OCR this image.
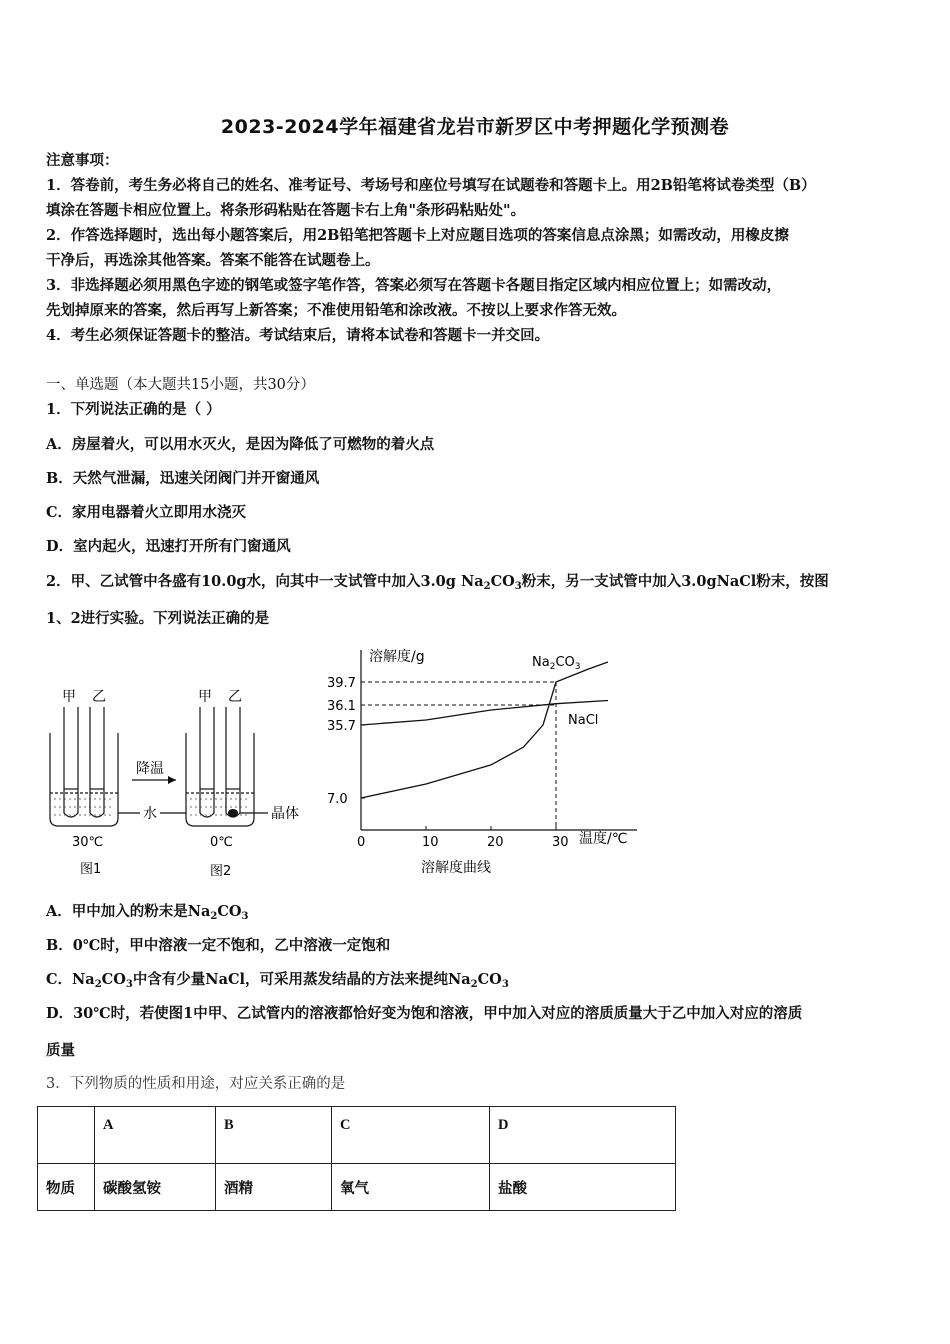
2023-2024学年福建省龙岩市新罗区中考押题化学预测卷
注意事项：
1．答卷前，考生务必将自己的姓名、准考证号、考场号和座位号填写在试题卷和答题卡上。用2B铅笔将试卷类型（B）
填涂在答题卡相应位置上。将条形码粘贴在答题卡右上角"条形码粘贴处"。
2．作答选择题时，选出每小题答案后，用2B铅笔把答题卡上对应题目选项的答案信息点涂黑；如需改动，用橡皮擦
干净后，再选涂其他答案。答案不能答在试题卷上。
3．非选择题必须用黑色字迹的钢笔或签字笔作答，答案必须写在答题卡各题目指定区域内相应位置上；如需改动，
先划掉原来的答案，然后再写上新答案；不准使用铅笔和涂改液。不按以上要求作答无效。
4．考生必须保证答题卡的整洁。考试结束后，请将本试卷和答题卡一并交回。
一、单选题（本大题共15小题，共30分）
1．下列说法正确的是（ ）
A．房屋着火，可以用水灭火，是因为降低了可燃物的着火点
B．天然气泄漏，迅速关闭阀门并开窗通风
C．家用电器着火立即用水浇灭
D．室内起火，迅速打开所有门窗通风
2．甲、乙试管中各盛有10.0g水，向其中一支试管中加入3.0g $Na_2CO_3$粉末，另一支试管中加入3.0gNaCl粉末，按图
1、2进行实验。下列说法正确的是
甲 乙	甲 乙
降温
水	晶体
30℃	0℃
图1	图2
溶解度/g
温度/℃
溶解度曲线
0	10	20	30
39.7
36.1
35.7
7.0
$Na_2CO_3$
NaCl
A．甲中加入的粉末是$Na_2CO_3$
B．0℃时，甲中溶液一定不饱和，乙中溶液一定饱和
C．$Na_2CO_3$中含有少量NaCl，可采用蒸发结晶的方法来提纯$Na_2CO_3$
D．30℃时，若使图1中甲、乙试管内的溶液都恰好变为饱和溶液，甲中加入对应的溶质质量大于乙中加入对应的溶质
质量
3．下列物质的性质和用途，对应关系正确的是
	A	B	C	D
物质	碳酸氢铵	酒精	氧气	盐酸
